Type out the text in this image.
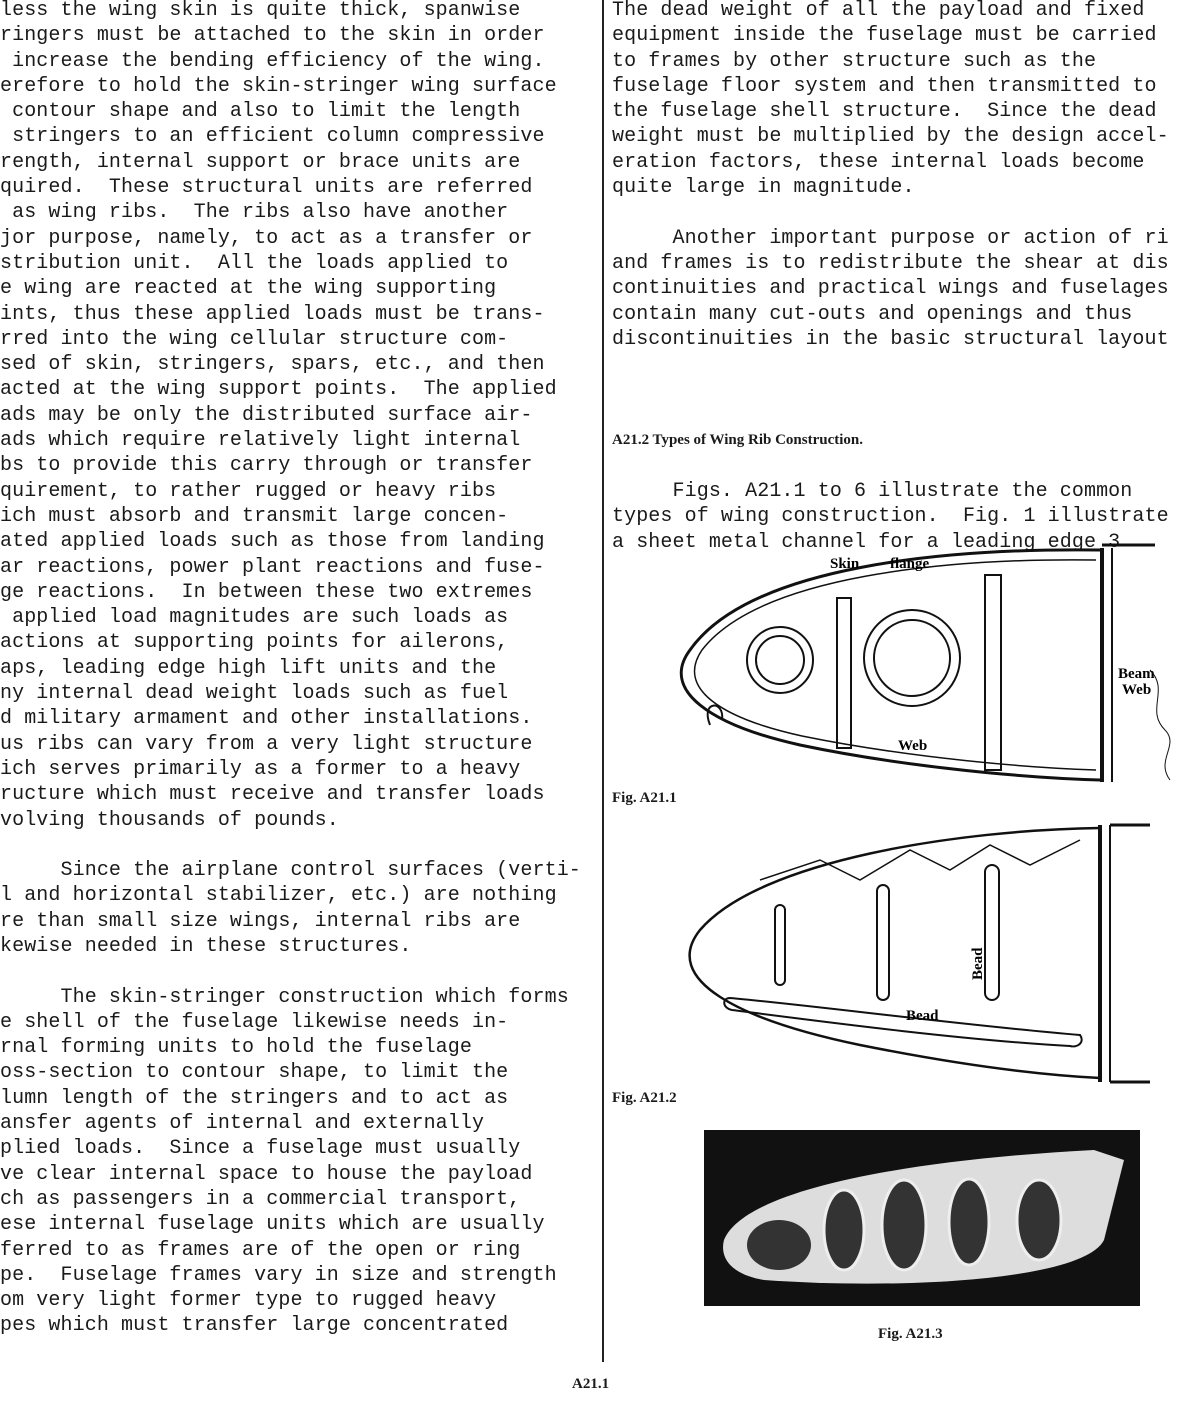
less the wing skin is quite thick, spanwise
ringers must be attached to the skin in order
increase the bending efficiency of the wing.
erefore to hold the skin-stringer wing surface
contour shape and also to limit the length
stringers to an efficient column compressive
rength, internal support or brace units are
quired.  These structural units are referred
as wing ribs.  The ribs also have another
jor purpose, namely, to act as a transfer or
stribution unit.  All the loads applied to
e wing are reacted at the wing supporting
ints, thus these applied loads must be trans-
rred into the wing cellular structure com-
sed of skin, stringers, spars, etc., and then
acted at the wing support points.  The applied
ads may be only the distributed surface air-
ads which require relatively light internal
bs to provide this carry through or transfer
quirement, to rather rugged or heavy ribs
ich must absorb and transmit large concen-
ated applied loads such as those from landing
ar reactions, power plant reactions and fuse-
ge reactions.  In between these two extremes
applied load magnitudes are such loads as
actions at supporting points for ailerons,
aps, leading edge high lift units and the
ny internal dead weight loads such as fuel
d military armament and other installations.
us ribs can vary from a very light structure
ich serves primarily as a former to a heavy
ructure which must receive and transfer loads
volving thousands of pounds.
Since the airplane control surfaces (verti-
l and horizontal stabilizer, etc.) are nothing
re than small size wings, internal ribs are
kewise needed in these structures.
The skin-stringer construction which forms
e shell of the fuselage likewise needs in-
rnal forming units to hold the fuselage
oss-section to contour shape, to limit the
lumn length of the stringers and to act as
ansfer agents of internal and externally
plied loads.  Since a fuselage must usually
ve clear internal space to house the payload
ch as passengers in a commercial transport,
ese internal fuselage units which are usually
ferred to as frames are of the open or ring
pe.  Fuselage frames vary in size and strength
om very light former type to rugged heavy
pes which must transfer large concentrated
The dead weight of all the payload and fixed
equipment inside the fuselage must be carried
to frames by other structure such as the
fuselage floor system and then transmitted to
the fuselage shell structure.  Since the dead
weight must be multiplied by the design accel-
eration factors, these internal loads become
quite large in magnitude.
Another important purpose or action of ri
and frames is to redistribute the shear at dis
continuities and practical wings and fuselages
contain many cut-outs and openings and thus
discontinuities in the basic structural layout
A21.2 Types of Wing Rib Construction.
Figs. A21.1 to 6 illustrate the common
types of wing construction.  Fig. 1 illustrate
a sheet metal channel for a leading edge 3
Skin flange
Web
Beam
Web
Fig. A21.1
Bead
Bead
Fig. A21.2
Fig. A21.3
A21.1
